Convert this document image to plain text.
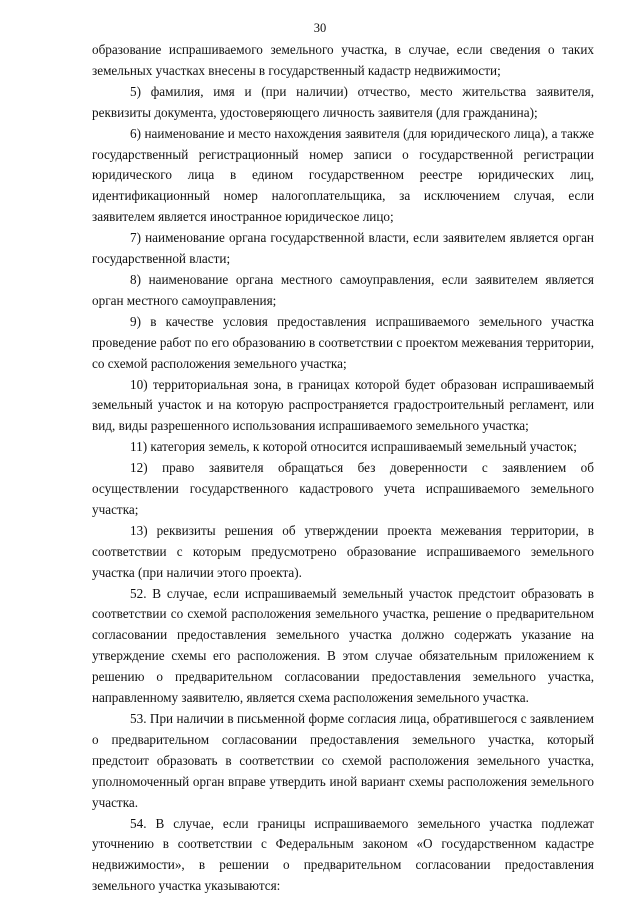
30

образование испрашиваемого земельного участка, в случае, если сведения о таких земельных участках внесены в государственный кадастр недвижимости;

5) фамилия, имя и (при наличии) отчество, место жительства заявителя, реквизиты документа, удостоверяющего личность заявителя (для гражданина);

6) наименование и место нахождения заявителя (для юридического лица), а также государственный регистрационный номер записи о государственной регистрации юридического лица в едином государственном реестре юридических лиц, идентификационный номер налогоплательщика, за исключением случая, если заявителем является иностранное юридическое лицо;

7) наименование органа государственной власти, если заявителем является орган государственной власти;

8) наименование органа местного самоуправления, если заявителем является орган местного самоуправления;

9) в качестве условия предоставления испрашиваемого земельного участка проведение работ по его образованию в соответствии с проектом межевания территории, со схемой расположения земельного участка;

10) территориальная зона, в границах которой будет образован испрашиваемый земельный участок и на которую распространяется градостроительный регламент, или вид, виды разрешенного использования испрашиваемого земельного участка;

11) категория земель, к которой относится испрашиваемый земельный участок;

12) право заявителя обращаться без доверенности с заявлением об осуществлении государственного кадастрового учета испрашиваемого земельного участка;

13) реквизиты решения об утверждении проекта межевания территории, в соответствии с которым предусмотрено образование испрашиваемого земельного участка (при наличии этого проекта).

52. В случае, если испрашиваемый земельный участок предстоит образовать в соответствии со схемой расположения земельного участка, решение о предварительном согласовании предоставления земельного участка должно содержать указание на утверждение схемы его расположения. В этом случае обязательным приложением к решению о предварительном согласовании предоставления земельного участка, направленному заявителю, является схема расположения земельного участка.

53. При наличии в письменной форме согласия лица, обратившегося с заявлением о предварительном согласовании предоставления земельного участка, который предстоит образовать в соответствии со схемой расположения земельного участка, уполномоченный орган вправе утвердить иной вариант схемы расположения земельного участка.

54. В случае, если границы испрашиваемого земельного участка подлежат уточнению в соответствии с Федеральным законом «О государственном кадастре недвижимости», в решении о предварительном согласовании предоставления земельного участка указываются:
